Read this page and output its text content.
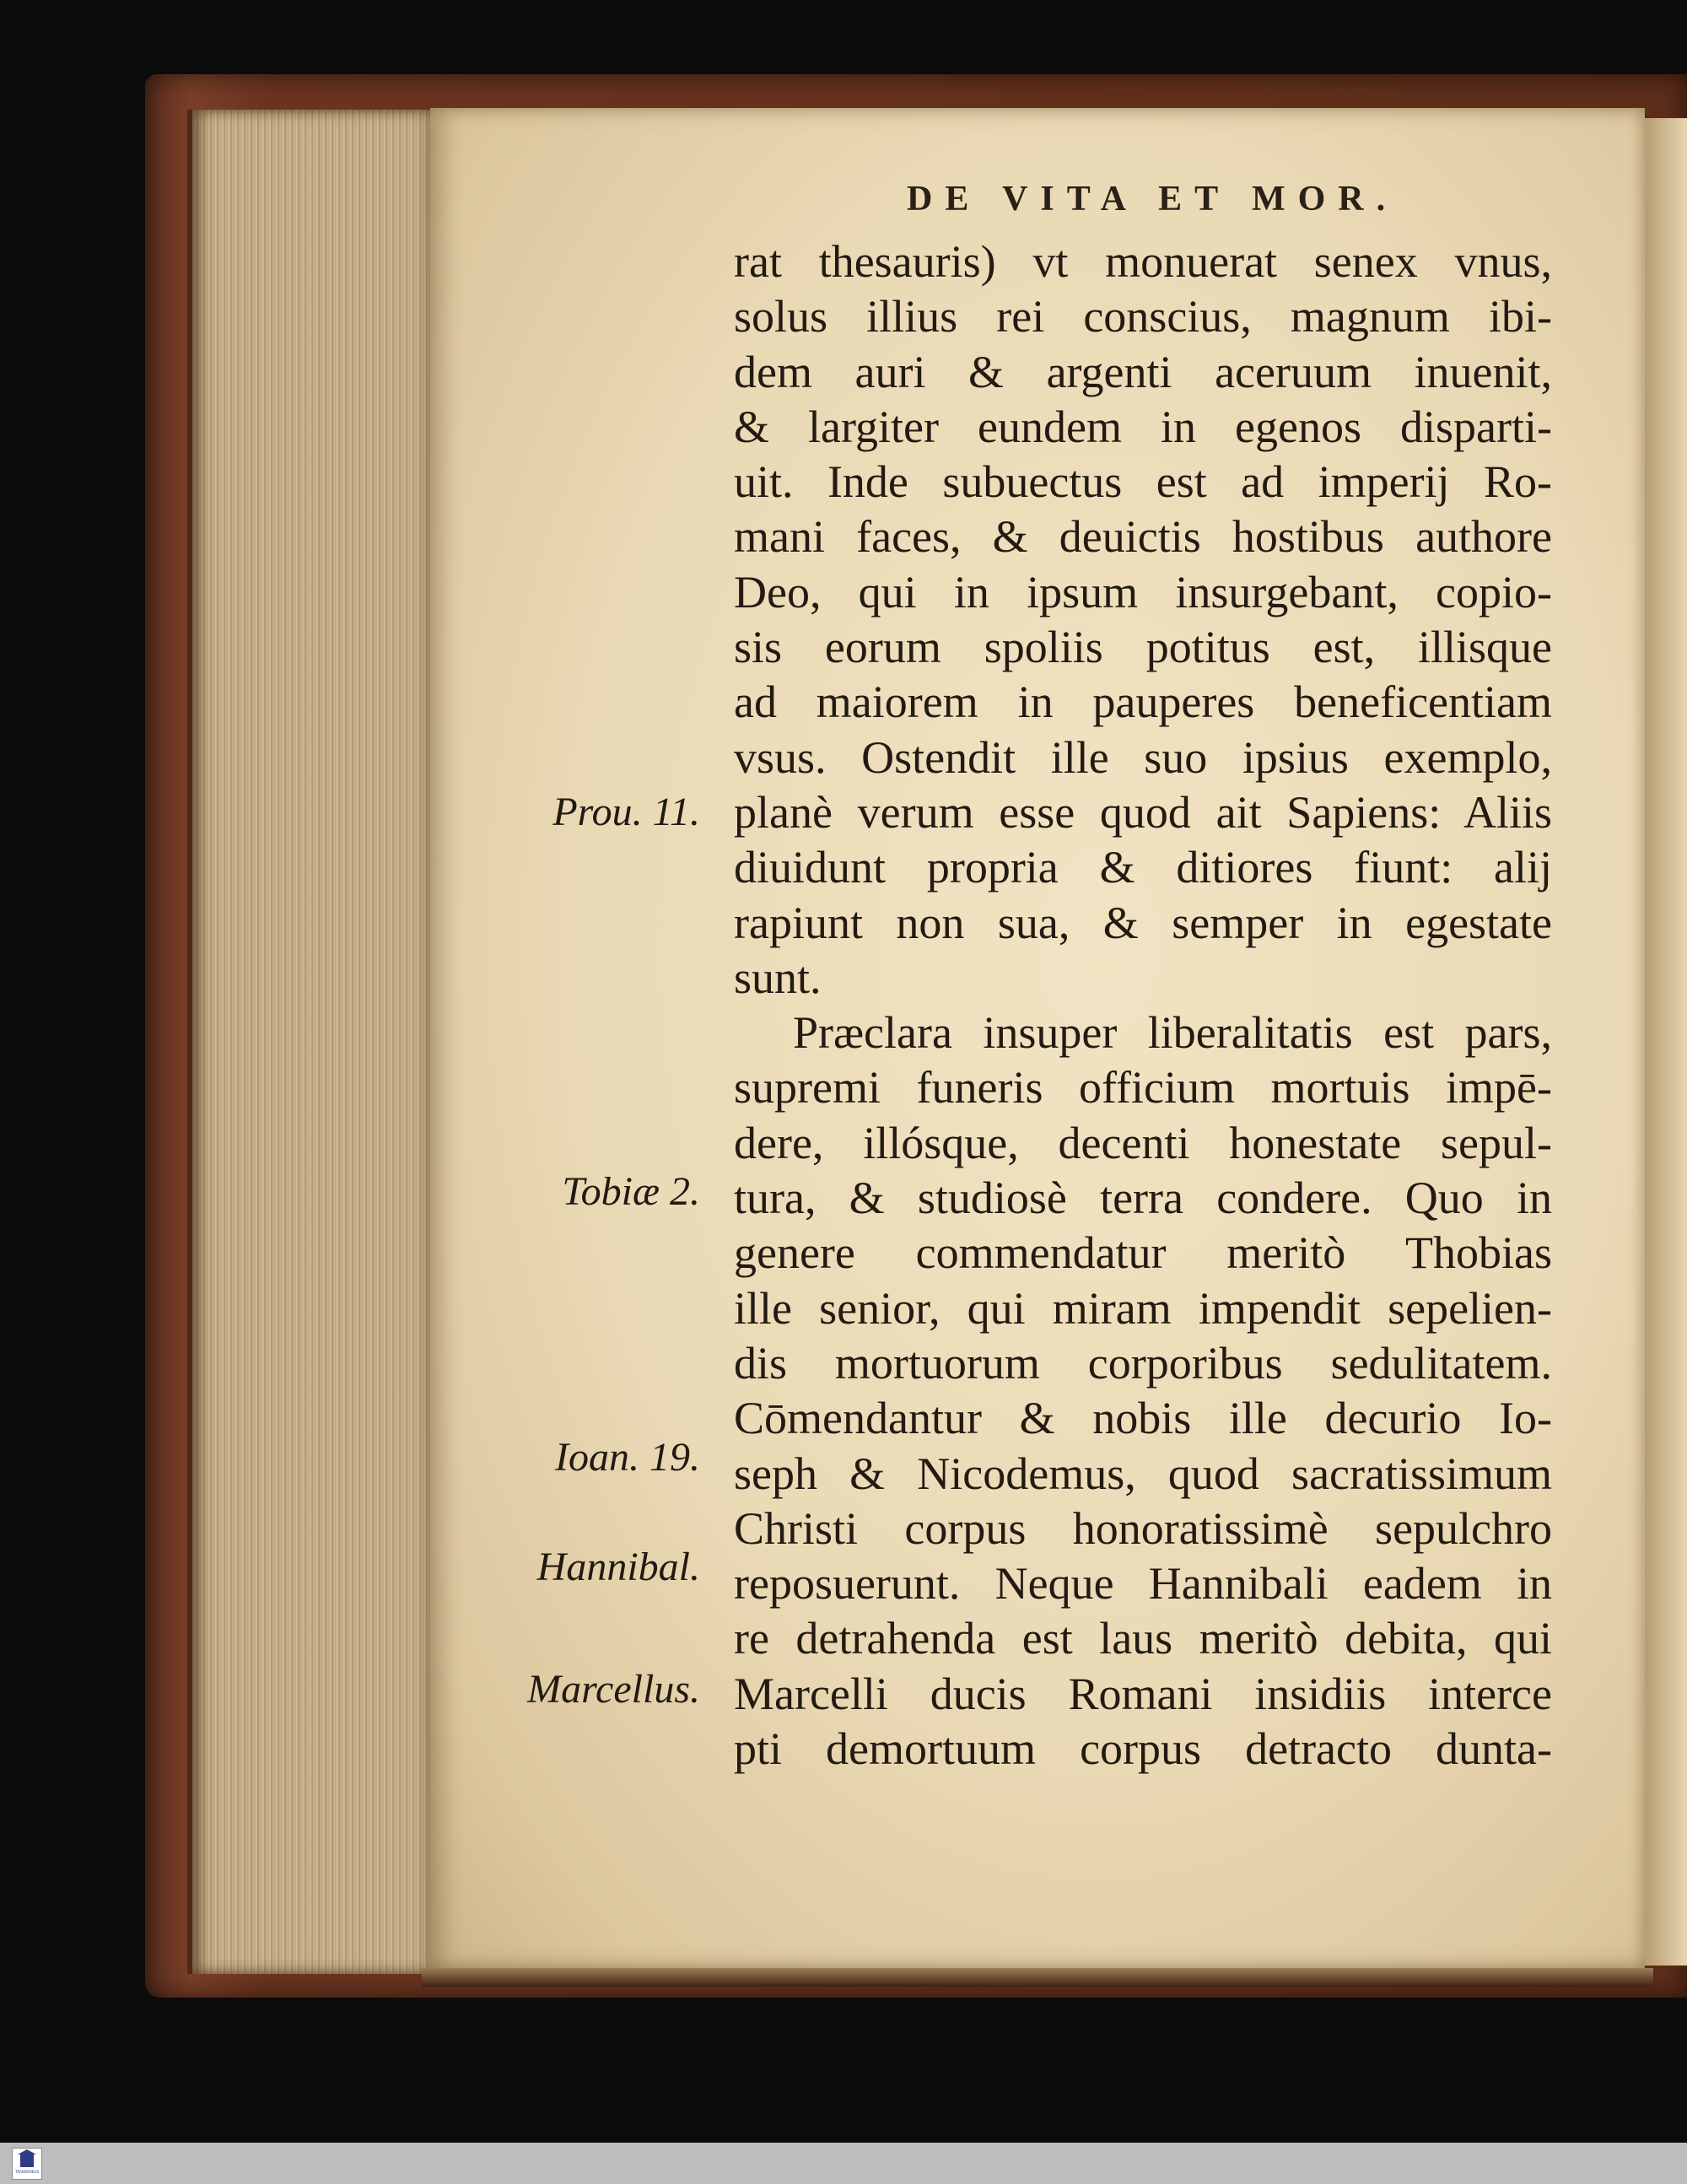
DE VITA ET MOR.
rat thesauris) vt monuerat senex vnus,
solus illius rei conscius, magnum ibi-
dem auri & argenti aceruum inuenit,
& largiter eundem in egenos disparti-
uit. Inde subuectus est ad imperij Ro-
mani faces, & deuictis hostibus authore
Deo, qui in ipsum insurgebant, copio-
sis eorum spoliis potitus est, illisque
ad maiorem in pauperes beneficentiam
vsus. Ostendit ille suo ipsius exemplo,
planè verum esse quod ait Sapiens: Aliis
diuidunt propria & ditiores fiunt: alij
rapiunt non sua, & semper in egestate
sunt.
Præclara insuper liberalitatis est pars,
supremi funeris officium mortuis impē-
dere, illósque, decenti honestate sepul-
tura, & studiosè terra condere. Quo in
genere commendatur meritò Thobias
ille senior, qui miram impendit sepelien-
dis mortuorum corporibus sedulitatem.
Cōmendantur & nobis ille decurio Io-
seph & Nicodemus, quod sacratissimum
Christi corpus honoratissimè sepulchro
reposuerunt. Neque Hannibali eadem in
re detrahenda est laus meritò debita, qui
Marcelli ducis Romani insidiis interce
pti demortuum corpus detracto dunta-
Prou. 11.
Tobiæ 2.
Ioan. 19.
Hannibal.
Marcellus.
TRANSKRIBUS
